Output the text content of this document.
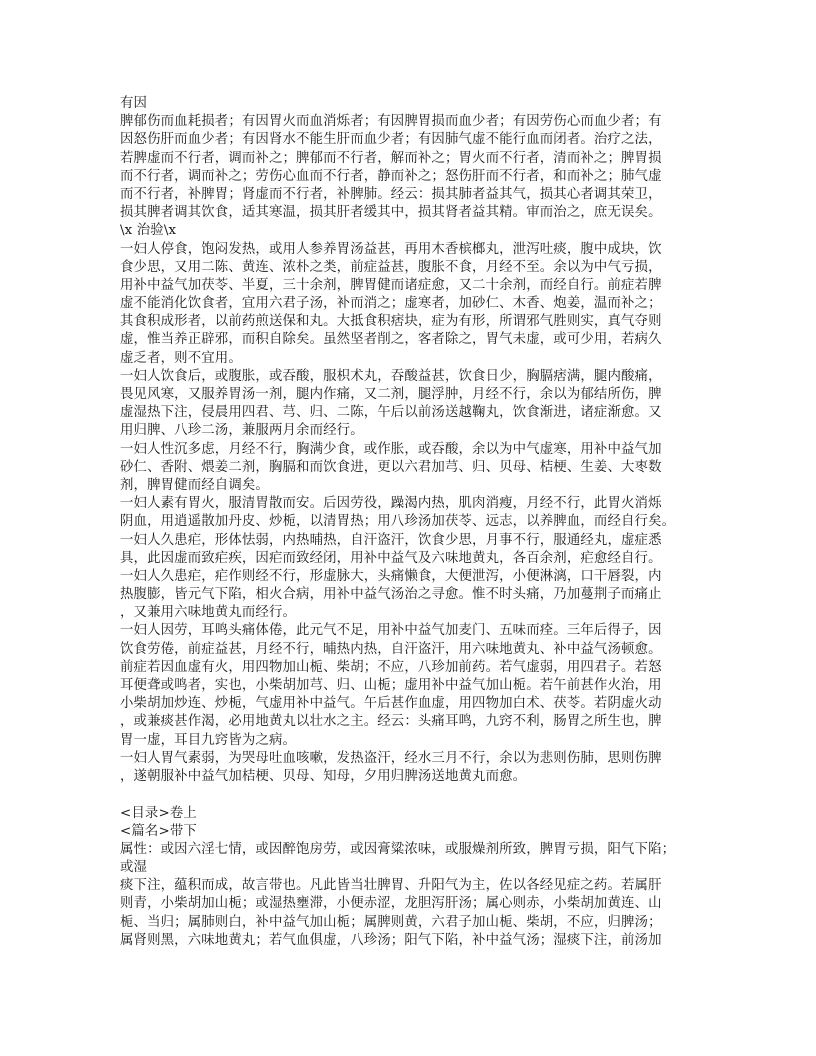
有因
脾郁伤而血耗损者；有因胃火而血消烁者；有因脾胃损而血少者；有因劳伤心而血少者；有
因怒伤肝而血少者；有因肾水不能生肝而血少者；有因肺气虚不能行血而闭者。治疗之法，
若脾虚而不行者，调而补之；脾郁而不行者，解而补之；胃火而不行者，清而补之；脾胃损
而不行者，调而补之；劳伤心血而不行者，静而补之；怒伤肝而不行者，和而补之；肺气虚
而不行者，补脾胃；肾虚而不行者，补脾肺。经云：损其肺者益其气，损其心者调其荣卫，
损其脾者调其饮食，适其寒温，损其肝者缓其中，损其肾者益其精。审而治之，庶无误矣。
\x 治验\x
一妇人停食，饱闷发热，或用人参养胃汤益甚，再用木香槟榔丸，泄泻吐痰，腹中成块，饮
食少思，又用二陈、黄连、浓朴之类，前症益甚，腹胀不食，月经不至。余以为中气亏损，
用补中益气加茯苓、半夏，三十余剂，脾胃健而诸症愈，又二十余剂，而经自行。前症若脾
虚不能消化饮食者，宜用六君子汤，补而消之；虚寒者，加砂仁、木香、炮姜，温而补之；
其食积成形者，以前药煎送保和丸。大抵食积痞块，症为有形，所谓邪气胜则实，真气夺则
虚，惟当养正辟邪，而积自除矣。虽然坚者削之，客者除之，胃气未虚，或可少用，若病久
虚乏者，则不宜用。
一妇人饮食后，或腹胀，或吞酸，服枳术丸，吞酸益甚，饮食日少，胸膈痞满，腿内酸痛，
畏见风寒，又服养胃汤一剂，腿内作痛，又二剂，腿浮肿，月经不行，余以为郁结所伤，脾
虚湿热下注，侵晨用四君、芎、归、二陈，午后以前汤送越鞠丸，饮食渐进，诸症渐愈。又
用归脾、八珍二汤，兼服两月余而经行。
一妇人性沉多虑，月经不行，胸满少食，或作胀，或吞酸，余以为中气虚寒，用补中益气加
砂仁、香附、煨姜二剂，胸膈和而饮食进，更以六君加芎、归、贝母、桔梗、生姜、大枣数
剂，脾胃健而经自调矣。
一妇人素有胃火，服清胃散而安。后因劳役，躁渴内热，肌肉消瘦，月经不行，此胃火消烁
阴血，用逍遥散加丹皮、炒栀，以清胃热；用八珍汤加茯苓、远志，以养脾血，而经自行矣。
一妇人久患疟，形体怯弱，内热晡热，自汗盗汗，饮食少思，月事不行，服通经丸，虚症悉
具，此因虚而致疟疾，因疟而致经闭，用补中益气及六味地黄丸，各百余剂，疟愈经自行。
一妇人久患疟，疟作则经不行，形虚脉大，头痛懒食，大便泄泻，小便淋漓，口干唇裂，内
热腹膨，皆元气下陷，相火合病，用补中益气汤治之寻愈。惟不时头痛，乃加蔓荆子而痛止
，又兼用六味地黄丸而经行。
一妇人因劳，耳鸣头痛体倦，此元气不足，用补中益气加麦门、五味而痊。三年后得子，因
饮食劳倦，前症益甚，月经不行，晡热内热，自汗盗汗，用六味地黄丸、补中益气汤顿愈。
前症若因血虚有火，用四物加山栀、柴胡；不应，八珍加前药。若气虚弱，用四君子。若怒
耳便聋或鸣者，实也，小柴胡加芎、归、山栀；虚用补中益气加山栀。若午前甚作火治，用
小柴胡加炒连、炒栀，气虚用补中益气。午后甚作血虚，用四物加白术、茯苓。若阴虚火动
，或兼痰甚作渴，必用地黄丸以壮水之主。经云：头痛耳鸣，九窍不利，肠胃之所生也，脾
胃一虚，耳目九窍皆为之病。
一妇人胃气素弱，为哭母吐血咳嗽，发热盗汗，经水三月不行，余以为悲则伤肺，思则伤脾
，遂朝服补中益气加桔梗、贝母、知母，夕用归脾汤送地黄丸而愈。
<目录>卷上
<篇名>带下
属性：或因六淫七情，或因醉饱房劳，或因膏粱浓味，或服燥剂所致，脾胃亏损，阳气下陷；
或湿
痰下注，蕴积而成，故言带也。凡此皆当壮脾胃、升阳气为主，佐以各经见症之药。若属肝
则青，小柴胡加山栀；或湿热壅滞，小便赤涩，龙胆泻肝汤；属心则赤，小柴胡加黄连、山
栀、当归；属肺则白，补中益气加山栀；属脾则黄，六君子加山栀、柴胡，不应，归脾汤；
属肾则黑，六味地黄丸；若气血俱虚，八珍汤；阳气下陷，补中益气汤；湿痰下注，前汤加
